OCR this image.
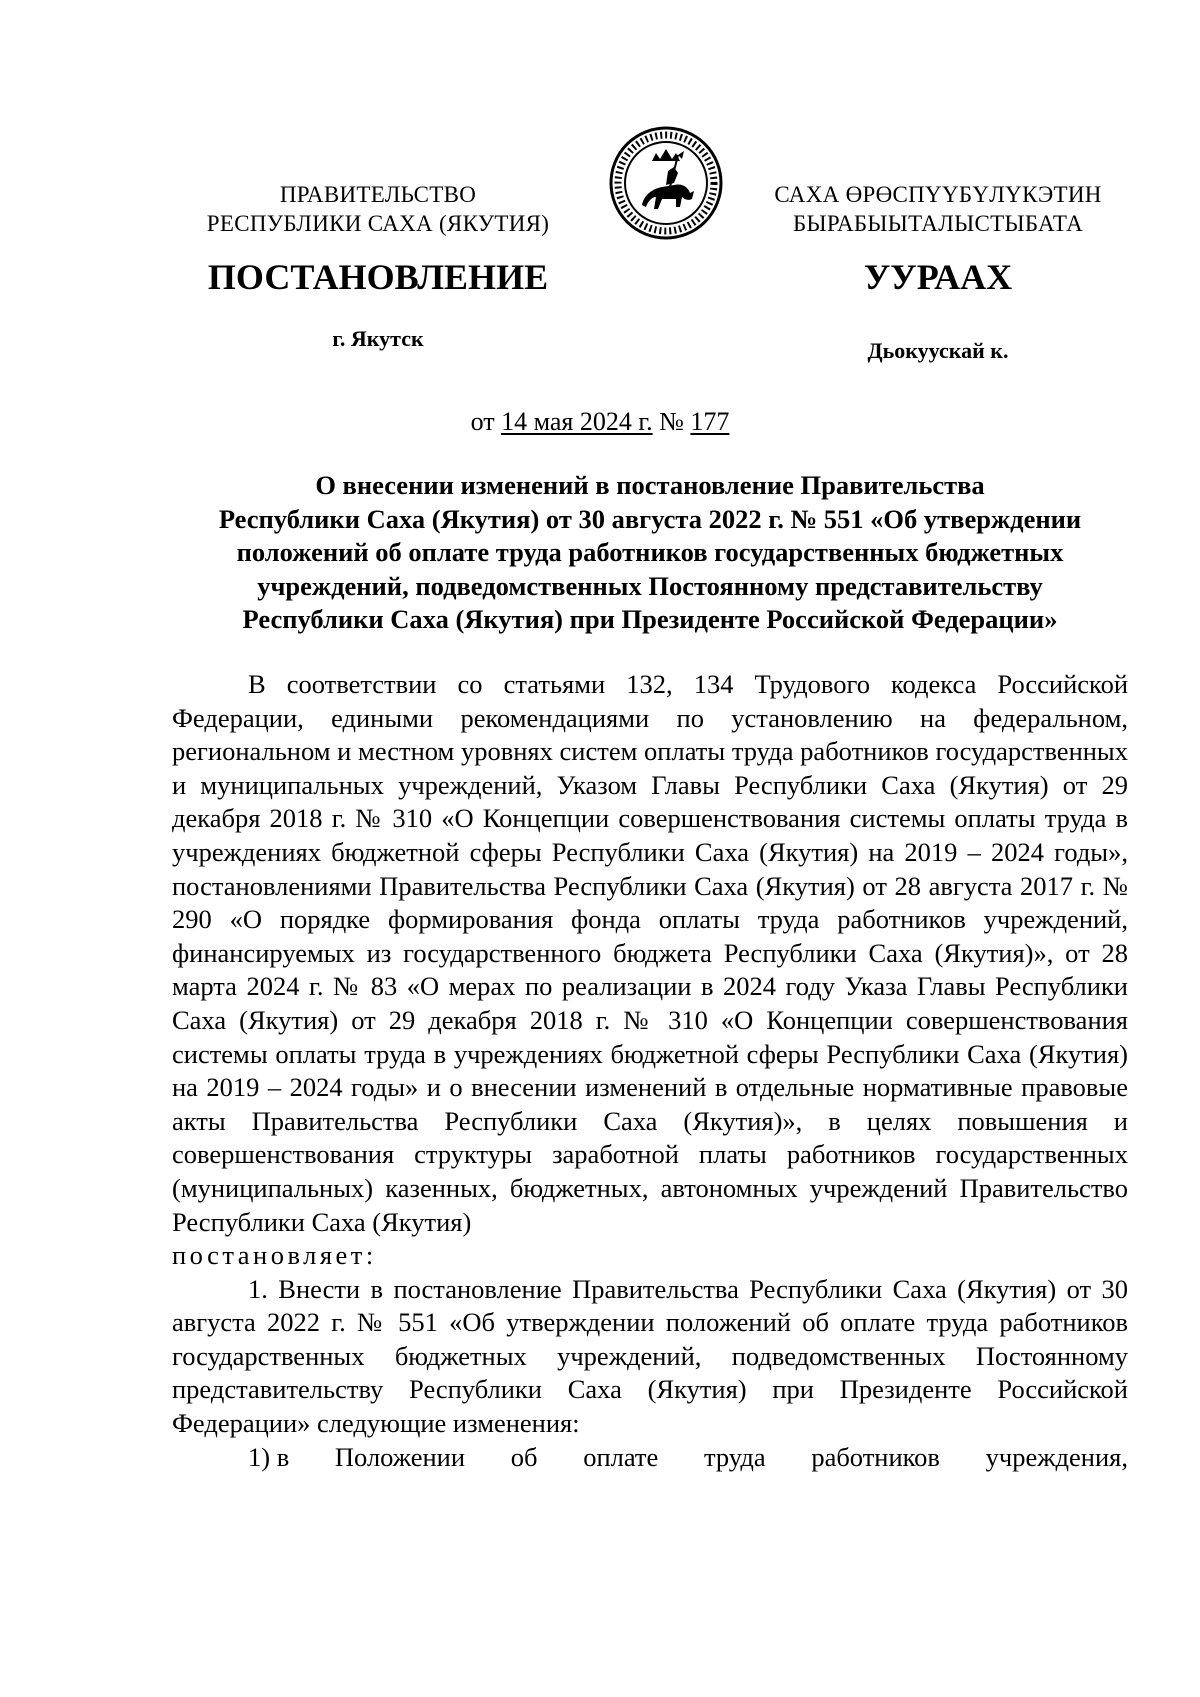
ПРАВИТЕЛЬСТВО
РЕСПУБЛИКИ САХА (ЯКУТИЯ)
САХА ӨРӨСПҮҮБҮЛҮКЭТИН
БЫРАБЫЫТАЛЫСТЫБАТА
ПОСТАНОВЛЕНИЕ	УУРААХ
г. Якутск	Дьокуускай к.
от 14 мая 2024 г. № 177
О внесении изменений в постановление Правительства
Республики Саха (Якутия) от 30 августа 2022 г. № 551 «Об утверждении
положений об оплате труда работников государственных бюджетных
учреждений, подведомственных Постоянному представительству
Республики Саха (Якутия) при Президенте Российской Федерации»

В соответствии со статьями 132, 134 Трудового кодекса Российской Федерации, едиными рекомендациями по установлению на федеральном, региональном и местном уровнях систем оплаты труда работников государственных и муниципальных учреждений, Указом Главы Республики Саха (Якутия) от 29 декабря 2018 г. № 310 «О Концепции совершенствования системы оплаты труда в учреждениях бюджетной сферы Республики Саха (Якутия) на 2019 – 2024 годы», постановлениями Правительства Республики Саха (Якутия) от 28 августа 2017 г. № 290 «О порядке формирования фонда оплаты труда работников учреждений, финансируемых из государственного бюджета Республики Саха (Якутия)», от 28 марта 2024 г. № 83 «О мерах по реализации в 2024 году Указа Главы Республики Саха (Якутия) от 29 декабря 2018 г. № 310 «О Концепции совершенствования системы оплаты труда в учреждениях бюджетной сферы Республики Саха (Якутия) на 2019 – 2024 годы» и о внесении изменений в отдельные нормативные правовые акты Правительства Республики Саха (Якутия)», в целях повышения и совершенствования структуры заработной платы работников государственных (муниципальных) казенных, бюджетных, автономных учреждений Правительство Республики Саха (Якутия)

постановляет:

1. Внести в постановление Правительства Республики Саха (Якутия) от 30 августа 2022 г. № 551 «Об утверждении положений об оплате труда работников государственных бюджетных учреждений, подведомственных Постоянному представительству Республики Саха (Якутия) при Президенте Российской Федерации» следующие изменения:

1) в Положении об оплате труда работников учреждения,
